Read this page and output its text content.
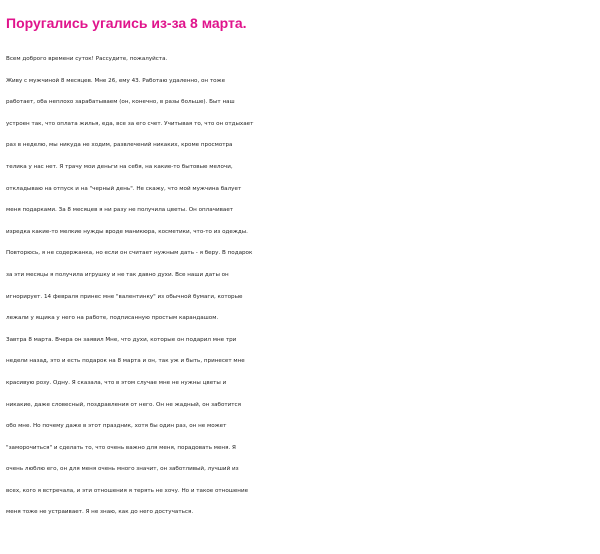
Поругались угались из-за 8 марта.
Всем доброго времени суток! Рассудите, пожалуйста.
Живу с мужчиной 8 месяцев. Мне 26, ему 43. Работаю удаленно, он тоже
работает, оба неплохо зарабатываем (он, конечно, в разы больше). Быт наш
устроен так, что оплата жилья, еда, все за его счет. Учитывая то, что он отдыхает
раз в неделю, мы никуда не ходим, развлечений никаких, кроме просмотра
телика у нас нет. Я трачу мои деньги на себя, на какие-то бытовые мелочи,
откладываю на отпуск и на "черный день". Не скажу, что мой мужчина балует
меня подарками. За 8 месяцев я ни разу не получила цветы. Он оплачивает
изредка какие-то мелкие нужды вроде маникюра, косметики, что-то из одежды.
Повторюсь, я не содержанка, но если он считает нужным дать - я беру. В подарок
за эти месяцы я получила игрушку и не так давно духи. Все наши даты он
игнорирует. 14 февраля принес мне "валентинку" из обычной бумаги, которые
лежали у ящика у него на работе, подписанную простым карандашом.
Завтра 8 марта. Вчера он заявил Мне, что духи, которые он подарил мне три
недели назад, это и есть подарок на 8 марта и он, так уж и быть, принесет мне
красивую розу. Одну. Я сказала, что в этом случае мне не нужны цветы и
никакие, даже словесный, поздравления от него. Он не жадный, он заботится
обо мне. Но почему даже в этот праздник, хотя бы один раз, он не может
"заморочиться" и сделать то, что очень важно для меня, порадовать меня. Я
очень люблю его, он для меня очень много значит, он заботливый, лучший из
всех, кого я встречала, и эти отношения я терять не хочу. Но и такое отношение
меня тоже не устраивает. Я не знаю, как до него достучаться.
